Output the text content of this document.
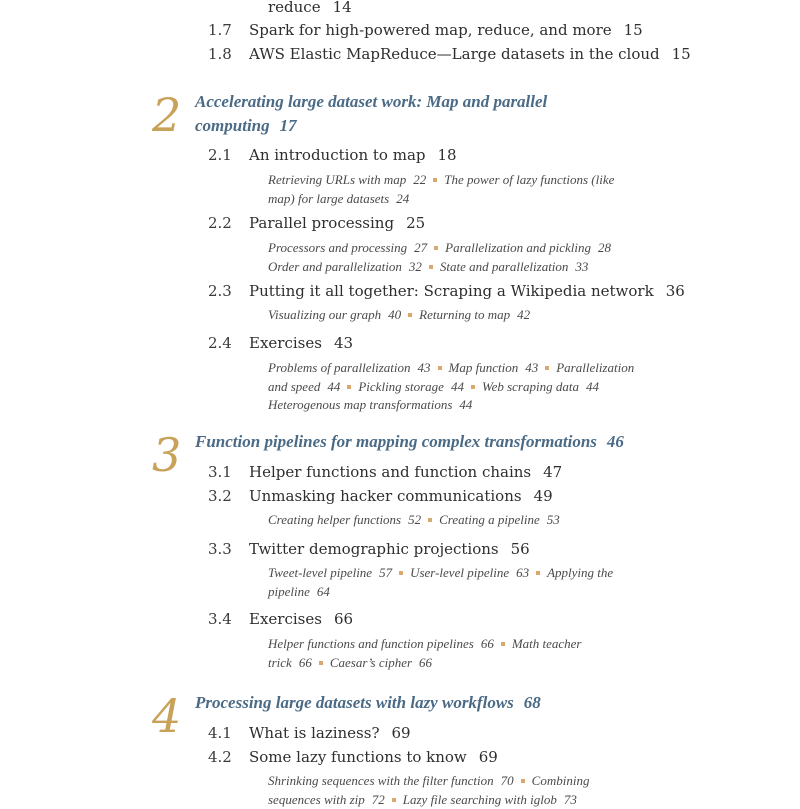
reduce 14
1.7 Spark for high-powered map, reduce, and more 15
1.8 AWS Elastic MapReduce—Large datasets in the cloud 15
2 Accelerating large dataset work: Map and parallel
computing 17
2.1 An introduction to map 18
Retrieving URLs with map 22 The power of lazy functions (like
map) for large datasets 24
2.2 Parallel processing 25
Processors and processing 27 Parallelization and pickling 28
Order and parallelization 32 State and parallelization 33
2.3 Putting it all together: Scraping a Wikipedia network 36
Visualizing our graph 40 Returning to map 42
2.4 Exercises 43
Problems of parallelization 43 Map function 43 Parallelization
and speed 44 Pickling storage 44 Web scraping data 44
Heterogenous map transformations 44
3 Function pipelines for mapping complex transformations 46
3.1 Helper functions and function chains 47
3.2 Unmasking hacker communications 49
Creating helper functions 52 Creating a pipeline 53
3.3 Twitter demographic projections 56
Tweet-level pipeline 57 User-level pipeline 63 Applying the
pipeline 64
3.4 Exercises 66
Helper functions and function pipelines 66 Math teacher
trick 66 Caesar’s cipher 66
4 Processing large datasets with lazy workflows 68
4.1 What is laziness? 69
4.2 Some lazy functions to know 69
Shrinking sequences with the filter function 70 Combining
sequences with zip 72 Lazy file searching with iglob 73
